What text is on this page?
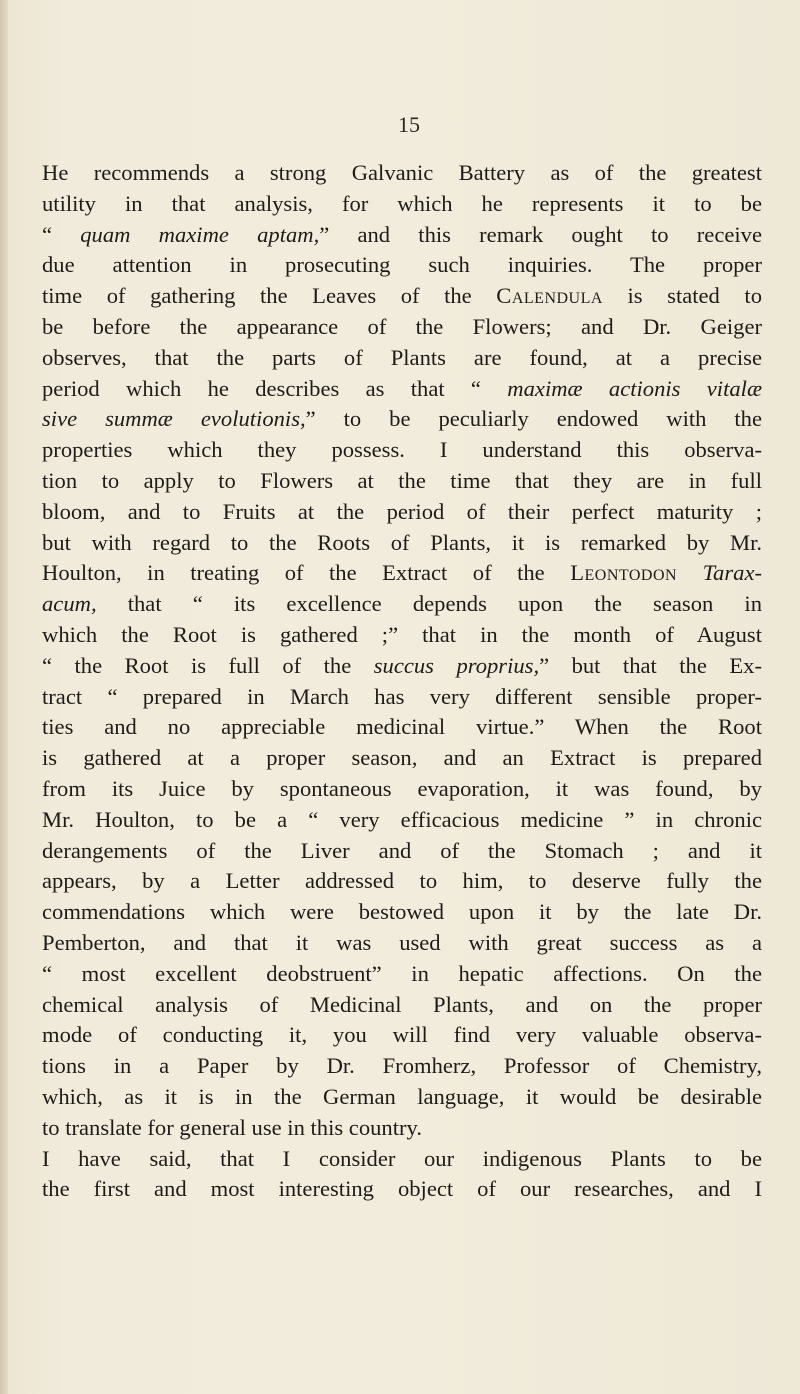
15
He recommends a strong Galvanic Battery as of the greatest
utility in that analysis, for which he represents it to be
“ quam maxime aptam,” and this remark ought to receive
due attention in prosecuting such inquiries. The proper
time of gathering the Leaves of the Calendula is stated to
be before the appearance of the Flowers; and Dr. Geiger
observes, that the parts of Plants are found, at a precise
period which he describes as that “ maximæ actionis vitalæ
sive summæ evolutionis,” to be peculiarly endowed with the
properties which they possess. I understand this observa-
tion to apply to Flowers at the time that they are in full
bloom, and to Fruits at the period of their perfect maturity ;
but with regard to the Roots of Plants, it is remarked by Mr.
Houlton, in treating of the Extract of the Leontodon Tarax-
acum, that “ its excellence depends upon the season in
which the Root is gathered ;” that in the month of August
“ the Root is full of the succus proprius,” but that the Ex-
tract “ prepared in March has very different sensible proper-
ties and no appreciable medicinal virtue.” When the Root
is gathered at a proper season, and an Extract is prepared
from its Juice by spontaneous evaporation, it was found, by
Mr. Houlton, to be a “ very efficacious medicine ” in chronic
derangements of the Liver and of the Stomach ; and it
appears, by a Letter addressed to him, to deserve fully the
commendations which were bestowed upon it by the late Dr.
Pemberton, and that it was used with great success as a
“ most excellent deobstruent” in hepatic affections. On the
chemical analysis of Medicinal Plants, and on the proper
mode of conducting it, you will find very valuable observa-
tions in a Paper by Dr. Fromherz, Professor of Chemistry,
which, as it is in the German language, it would be desirable
to translate for general use in this country.
I have said, that I consider our indigenous Plants to be
the first and most interesting object of our researches, and I
